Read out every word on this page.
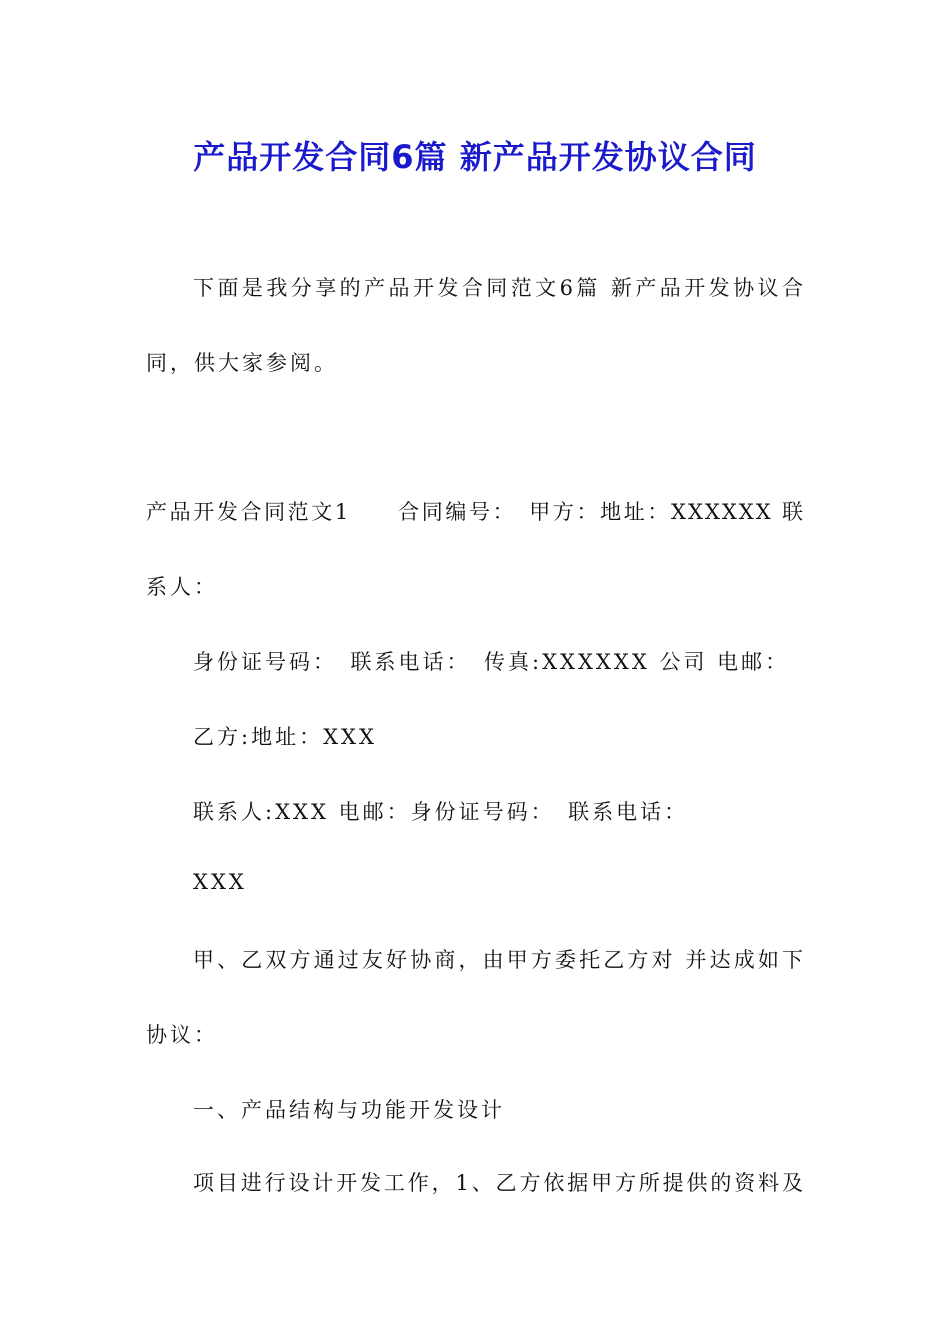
产品开发合同6篇 新产品开发协议合同
下面是我分享的产品开发合同范文6篇 新产品开发协议合
同，供大家参阅。
产品开发合同范文1　　合同编号：　甲方：地址：XXXXXX 联
系人：
身份证号码：　联系电话：　传真:XXXXXX 公司 电邮：
乙方:地址：XXX
联系人:XXX 电邮：身份证号码：　联系电话：
XXX
甲、乙双方通过友好协商，由甲方委托乙方对 并达成如下
协议：
一、产品结构与功能开发设计
项目进行设计开发工作，1、乙方依据甲方所提供的资料及
